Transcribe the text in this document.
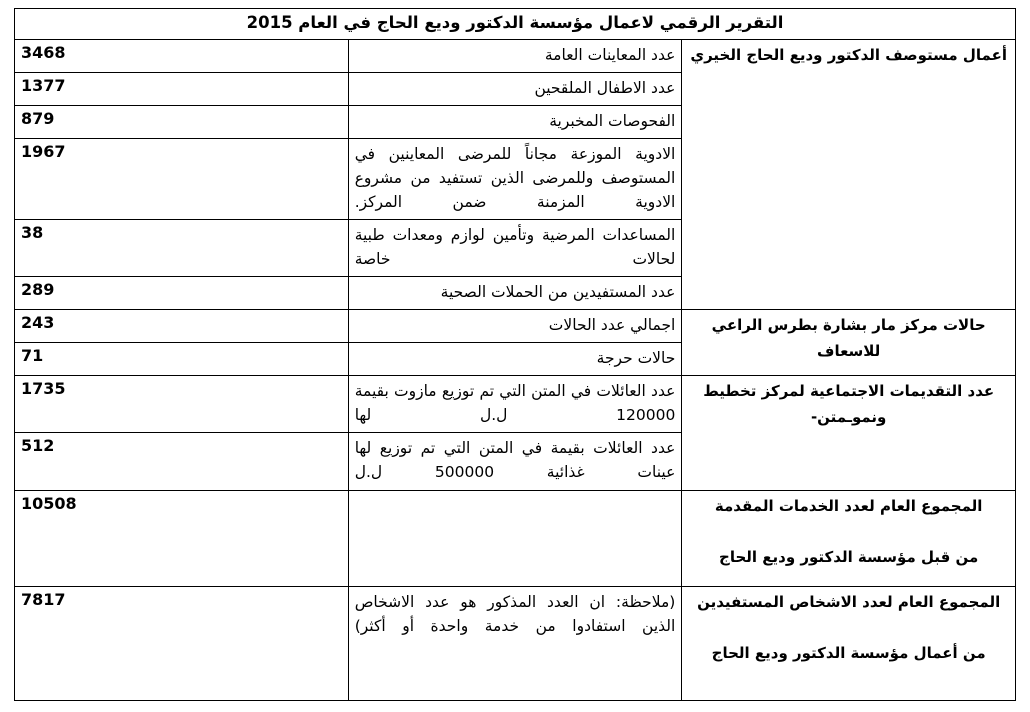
التقرير الرقمي لاعمال مؤسسة الدكتور وديع الحاج في العام 2015		
أعمال مستوصف الدكتور وديع الحاج الخيري	عدد المعاينات العامة	3468
	عدد الاطفال الملقحين	1377
	الفحوصات المخبرية	879
	الادوية الموزعة مجاناً للمرضى المعاينين في المستوصف وللمرضى الذين تستفيد من مشروع الادوية المزمنة ضمن المركز.	1967
	المساعدات المرضية وتأمين لوازم ومعدات طبية لحالات خاصة	38
	عدد المستفيدين من الحملات الصحية	289
حالات مركز مار بشارة بطرس الراعي للاسعاف	اجمالي عدد الحالات	243
	حالات حرجة	71
عدد التقديمات الاجتماعية لمركز تخطيط ونموـمتن-	عدد العائلات في المتن التي تم توزيع مازوت بقيمة 120000 ل.ل لها	1735
	عدد العائلات بقيمة في المتن التي تم توزيع لها عينات غذائية 500000 ل.ل	512

المجموع العام لعدد الخدمات المقدمة
من قبل مؤسسة الدكتور وديع الحاج		10508

المجموع العام لعدد الاشخاص المستفيدين
من أعمال مؤسسة الدكتور وديع الحاج	(ملاحظة: ان العدد المذكور هو عدد الاشخاص الذين استفادوا من خدمة واحدة أو أكثر)	7817
